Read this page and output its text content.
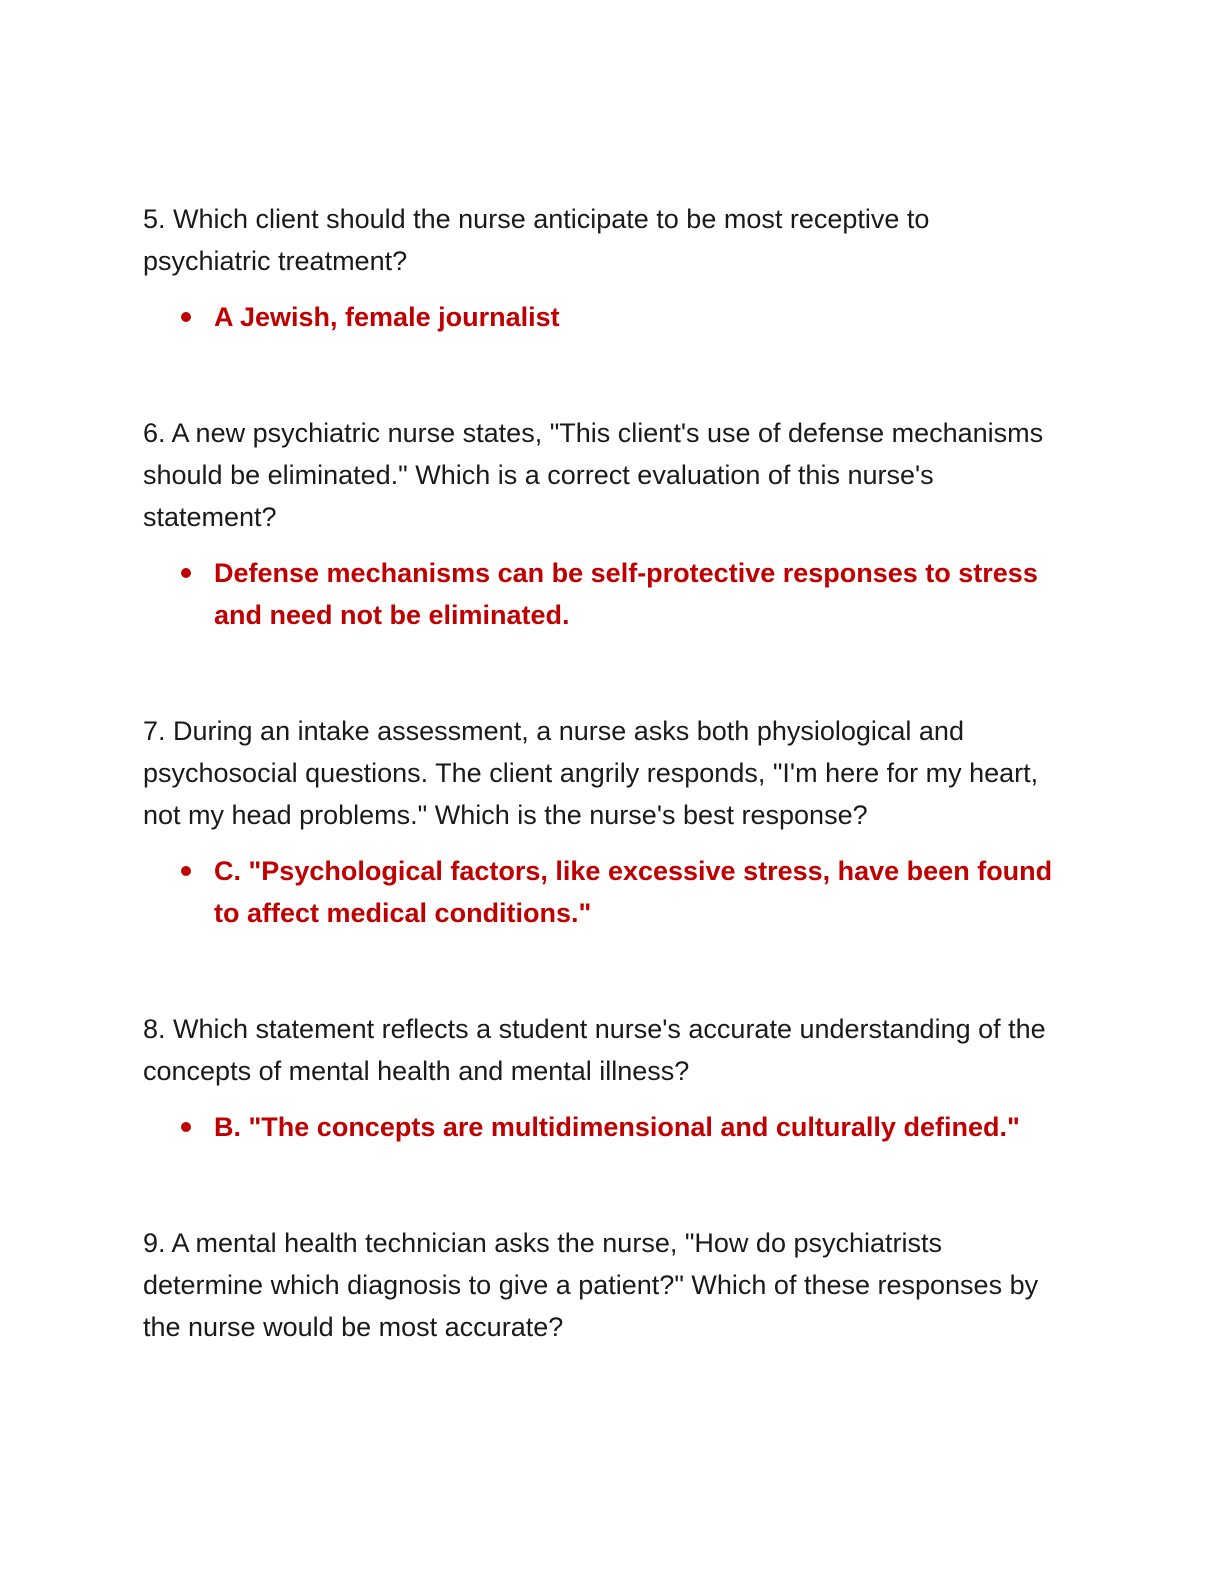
5. Which client should the nurse anticipate to be most receptive to psychiatric treatment?

A Jewish, female journalist

6. A new psychiatric nurse states, "This client's use of defense mechanisms should be eliminated." Which is a correct evaluation of this nurse's statement?

Defense mechanisms can be self-protective responses to stress and need not be eliminated.

7. During an intake assessment, a nurse asks both physiological and psychosocial questions. The client angrily responds, "I'm here for my heart, not my head problems." Which is the nurse's best response?

C. "Psychological factors, like excessive stress, have been found to affect medical conditions."

8. Which statement reflects a student nurse's accurate understanding of the concepts of mental health and mental illness?

B. "The concepts are multidimensional and culturally defined."

9. A mental health technician asks the nurse, "How do psychiatrists determine which diagnosis to give a patient?" Which of these responses by the nurse would be most accurate?
